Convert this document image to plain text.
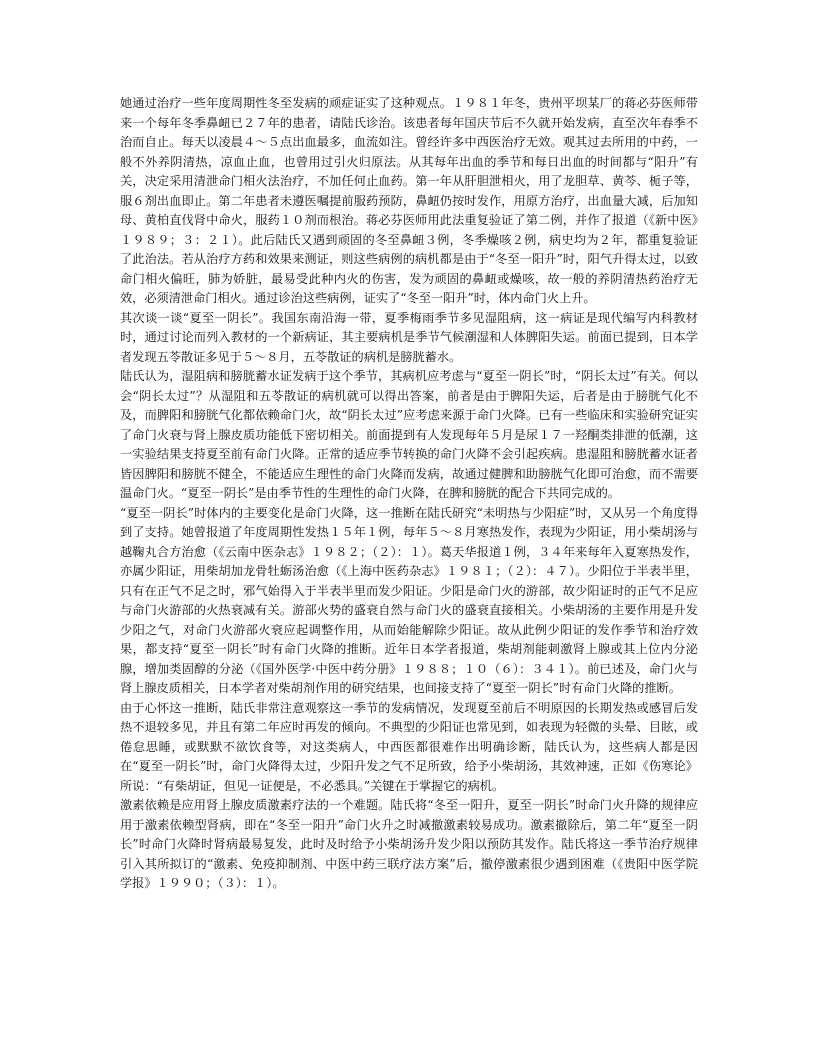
她通过治疗一些年度周期性冬至发病的顽症证实了这种观点。１９８１年冬，贵州平坝某厂的蒋必芬医师带来一个每年冬季鼻衄已２７年的患者，请陆氏诊治。该患者每年国庆节后不久就开始发病，直至次年春季不治而自止。每天以凌晨４～５点出血最多，血流如注。曾经许多中西医治疗无效。观其过去所用的中药，一般不外养阴清热，凉血止血，也曾用过引火归原法。从其每年出血的季节和每日出血的时间都与“阳升”有关，决定采用清泄命门相火法治疗，不加任何止血药。第一年从肝胆泄相火，用了龙胆草、黄芩、栀子等，服６剂出血即止。第二年患者未遵医嘱提前服药预防，鼻衄仍按时发作，用原方治疗，出血量大减，后加知母、黄柏直伐肾中命火，服药１０剂而根治。蒋必芬医师用此法重复验证了第二例，并作了报道（《新中医》１９８９；３：２１）。此后陆氏又遇到顽固的冬至鼻衄３例，冬季燥咳２例，病史均为２年，都重复验证了此治法。若从治疗方药和效果来测证，则这些病例的病机都是由于“冬至一阳升”时，阳气升得太过，以致命门相火偏旺，肺为娇脏，最易受此种内火的伤害，发为顽固的鼻衄或燥咳，故一般的养阴清热药治疗无效，必须清泄命门相火。通过诊治这些病例，证实了“冬至一阳升”时，体内命门火上升。

其次谈一谈“夏至一阴长”。我国东南沿海一带，夏季梅雨季节多见湿阻病，这一病证是现代编写内科教材时，通过讨论而列入教材的一个新病证，其主要病机是季节气候潮湿和人体脾阳失运。前面已提到，日本学者发现五苓散证多见于５～８月，五苓散证的病机是膀胱蓄水。

陆氏认为，湿阻病和膀胱蓄水证发病于这个季节，其病机应考虑与“夏至一阴长”时，“阴长太过”有关。何以会“阴长太过”？从湿阻和五苓散证的病机就可以得出答案，前者是由于脾阳失运，后者是由于膀胱气化不及，而脾阳和膀胱气化都依赖命门火，故“阴长太过”应考虑来源于命门火降。已有一些临床和实验研究证实了命门火衰与肾上腺皮质功能低下密切相关。前面提到有人发现每年５月是尿１７一羟酮类排泄的低潮，这一实验结果支持夏至前有命门火降。正常的适应季节转换的命门火降不会引起疾病。患湿阻和膀胱蓄水证者皆因脾阳和膀胱不健全，不能适应生理性的命门火降而发病，故通过健脾和助膀胱气化即可治愈，而不需要温命门火。“夏至一阴长”是由季节性的生理性的命门火降，在脾和膀胱的配合下共同完成的。

“夏至一阴长”时体内的主要变化是命门火降，这一推断在陆氏研究“未明热与少阳症”时，又从另一个角度得到了支持。她曾报道了年度周期性发热１５年１例，每年５～８月寒热发作，表现为少阳证，用小柴胡汤与越鞠丸合方治愈（《云南中医杂志》１９８２；（２）：１）。葛天华报道１例，３４年来每年入夏寒热发作，亦属少阳证，用柴胡加龙骨牡蛎汤治愈（《上海中医药杂志》１９８１；（２）：４７）。少阳位于半表半里，只有在正气不足之时，邪气始得入于半表半里而发少阳证。少阳是命门火的游部，故少阳证时的正气不足应与命门火游部的火热衰减有关。游部火势的盛衰自然与命门火的盛衰直接相关。小柴胡汤的主要作用是升发少阳之气，对命门火游部火衰应起调整作用，从而始能解除少阳证。故从此例少阳证的发作季节和治疗效果，都支持“夏至一阴长”时有命门火降的推断。近年日本学者报道，柴胡剂能刺激肾上腺或其上位内分泌腺，增加类固醇的分泌（《国外医学·中医中药分册》１９８８；１０（６）：３４１）。前已述及，命门火与肾上腺皮质相关，日本学者对柴胡剂作用的研究结果，也间接支持了“夏至一阴长”时有命门火降的推断。

由于心怀这一推断，陆氏非常注意观察这一季节的发病情况，发现夏至前后不明原因的长期发热或感冒后发热不退较多见，并且有第二年应时再发的倾向。不典型的少阳证也常见到，如表现为轻微的头晕、目眩，或倦怠思睡，或默默不欲饮食等，对这类病人，中西医都很难作出明确诊断，陆氏认为，这些病人都是因在“夏至一阴长”时，命门火降得太过，少阳升发之气不足所致，给予小柴胡汤，其效神速，正如《伤寒论》所说：“有柴胡证，但见一证便是，不必悉具。”关键在于掌握它的病机。

激素依赖是应用肾上腺皮质激素疗法的一个难题。陆氏将“冬至一阳升，夏至一阴长”时命门火升降的规律应用于激素依赖型肾病，即在“冬至一阳升”命门火升之时减撤激素较易成功。激素撤除后，第二年“夏至一阴长”时命门火降时肾病最易复发，此时及时给予小柴胡汤升发少阳以预防其发作。陆氏将这一季节治疗规律引入其所拟订的“激素、免疫抑制剂、中医中药三联疗法方案”后，撤停激素很少遇到困难（《贵阳中医学院学报》１９９０；（３）：１）。
